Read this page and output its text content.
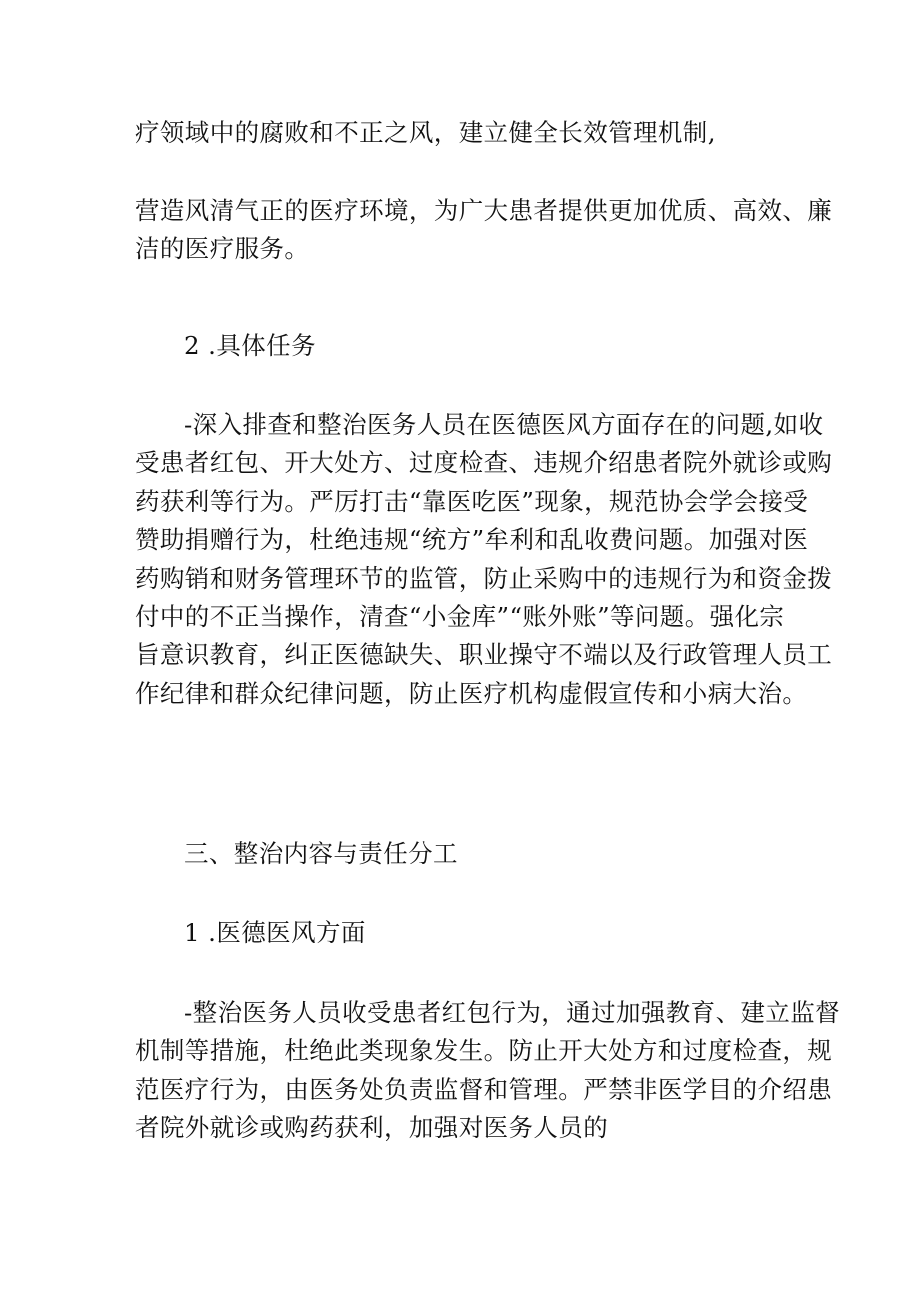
疗领域中的腐败和不正之风，建立健全长效管理机制,
营造风清气正的医疗环境，为广大患者提供更加优质、高效、廉
洁的医疗服务。
2 .具体任务
-深入排查和整治医务人员在医德医风方面存在的问题,如收
受患者红包、开大处方、过度检查、违规介绍患者院外就诊或购
药获利等行为。严厉打击“靠医吃医”现象，规范协会学会接受
赞助捐赠行为，杜绝违规“统方”牟利和乱收费问题。加强对医
药购销和财务管理环节的监管，防止采购中的违规行为和资金拨
付中的不正当操作，清查“小金库”“账外账”等问题。强化宗
旨意识教育，纠正医德缺失、职业操守不端以及行政管理人员工
作纪律和群众纪律问题，防止医疗机构虚假宣传和小病大治。
三、整治内容与责任分工
1 .医德医风方面
-整治医务人员收受患者红包行为，通过加强教育、建立监督
机制等措施，杜绝此类现象发生。防止开大处方和过度检查，规
范医疗行为，由医务处负责监督和管理。严禁非医学目的介绍患
者院外就诊或购药获利，加强对医务人员的
